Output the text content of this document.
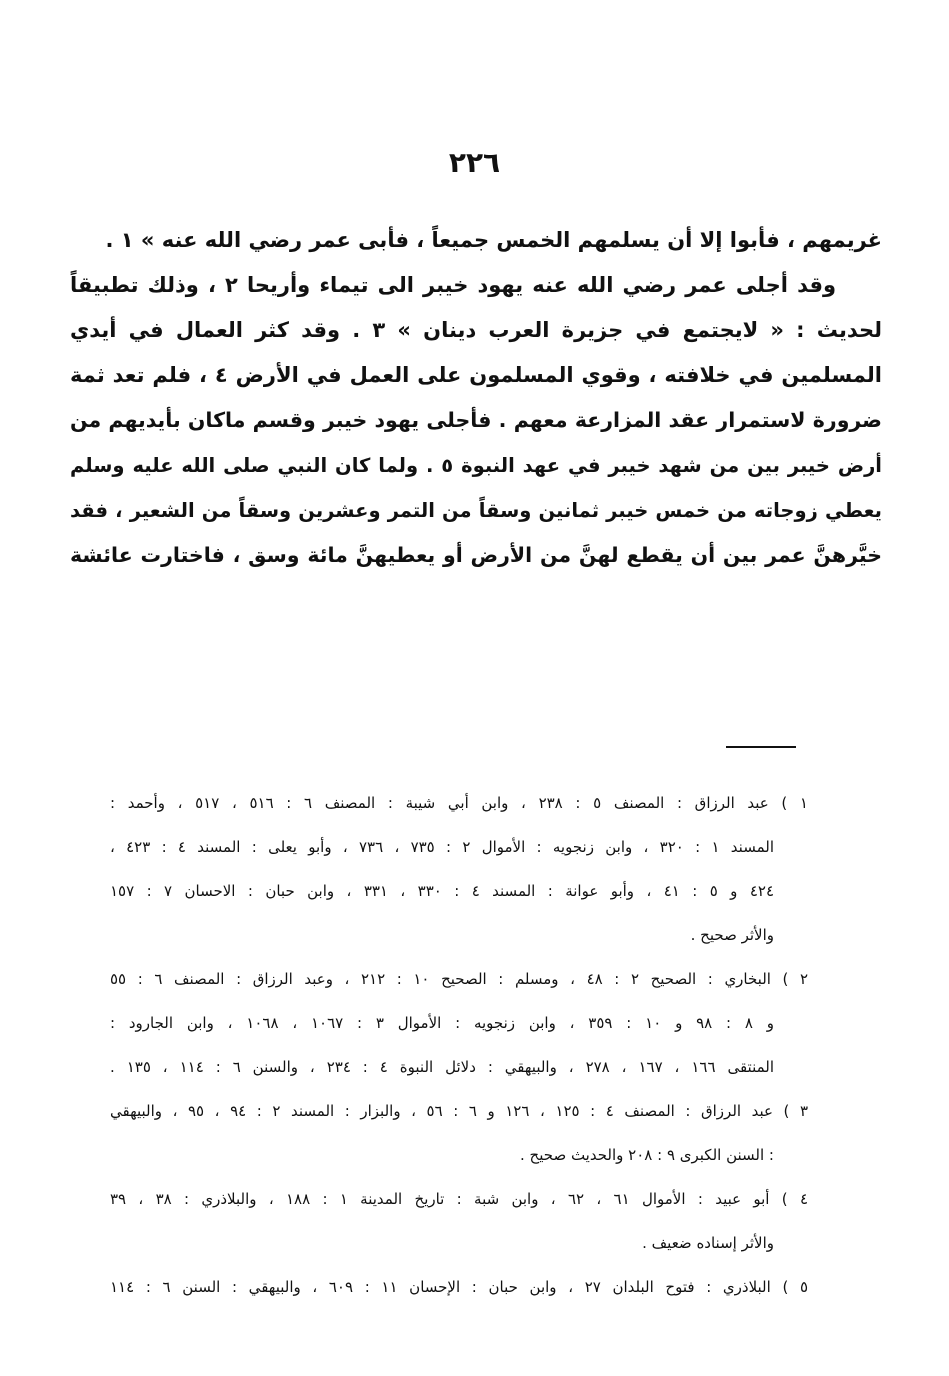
٢٢٦
غريمهم ، فأبوا إلا أن يسلمهم الخمس جميعاً ، فأبى عمر رضي الله عنه » ١ .
وقد أجلى عمر رضي الله عنه يهود خيبر الى تيماء وأريحا ٢ ، وذلك تطبيقاً
لحديث : « لايجتمع في جزيرة العرب دينان » ٣ . وقد كثر العمال في أيدي
المسلمين في خلافته ، وقوي المسلمون على العمل في الأرض ٤ ، فلم تعد ثمة
ضرورة لاستمرار عقد المزارعة معهم . فأجلى يهود خيبر وقسم ماكان بأيديهم من
أرض خيبر بين من شهد خيبر في عهد النبوة ٥ . ولما كان النبي صلى الله عليه وسلم
يعطي زوجاته من خمس خيبر ثمانين وسقاً من التمر وعشرين وسقاً من الشعير ، فقد
خيَّرهنَّ عمر بين أن يقطع لهنَّ من الأرض أو يعطيهنَّ مائة وسق ، فاختارت عائشة
١ ) عبد الرزاق : المصنف ٥ : ٢٣٨ ، وابن أبي شيبة : المصنف ٦ : ٥١٦ ، ٥١٧ ، وأحمد :
المسند ١ : ٣٢٠ ، وابن زنجويه : الأموال ٢ : ٧٣٥ ، ٧٣٦ ، وأبو يعلى : المسند ٤ : ٤٢٣ ،
٤٢٤ و ٥ : ٤١ ، وأبو عوانة : المسند ٤ : ٣٣٠ ، ٣٣١ ، وابن حبان : الاحسان ٧ : ١٥٧
والأثر صحيح .
٢ ) البخاري : الصحيح ٢ : ٤٨ ، ومسلم : الصحيح ١٠ : ٢١٢ ، وعبد الرزاق : المصنف ٦ : ٥٥
و ٨ : ٩٨ و ١٠ : ٣٥٩ ، وابن زنجويه : الأموال ٣ : ١٠٦٧ ، ١٠٦٨ ، وابن الجارود :
المنتقى ١٦٦ ، ١٦٧ ، ٢٧٨ ، والبيهقي : دلائل النبوة ٤ : ٢٣٤ ، والسنن ٦ : ١١٤ ، ١٣٥ .
٣ ) عبد الرزاق : المصنف ٤ : ١٢٥ ، ١٢٦ و ٦ : ٥٦ ، والبزار : المسند ٢ : ٩٤ ، ٩٥ ، والبيهقي
: السنن الكبرى ٩ : ٢٠٨ والحديث صحيح .
٤ ) أبو عبيد : الأموال ٦١ ، ٦٢ ، وابن شبة : تاريخ المدينة ١ : ١٨٨ ، والبلاذري : ٣٨ ، ٣٩
والأثر إسناده ضعيف .
٥ ) البلاذري : فتوح البلدان ٢٧ ، وابن حبان : الإحسان ١١ : ٦٠٩ ، والبيهقي : السنن ٦ : ١١٤
